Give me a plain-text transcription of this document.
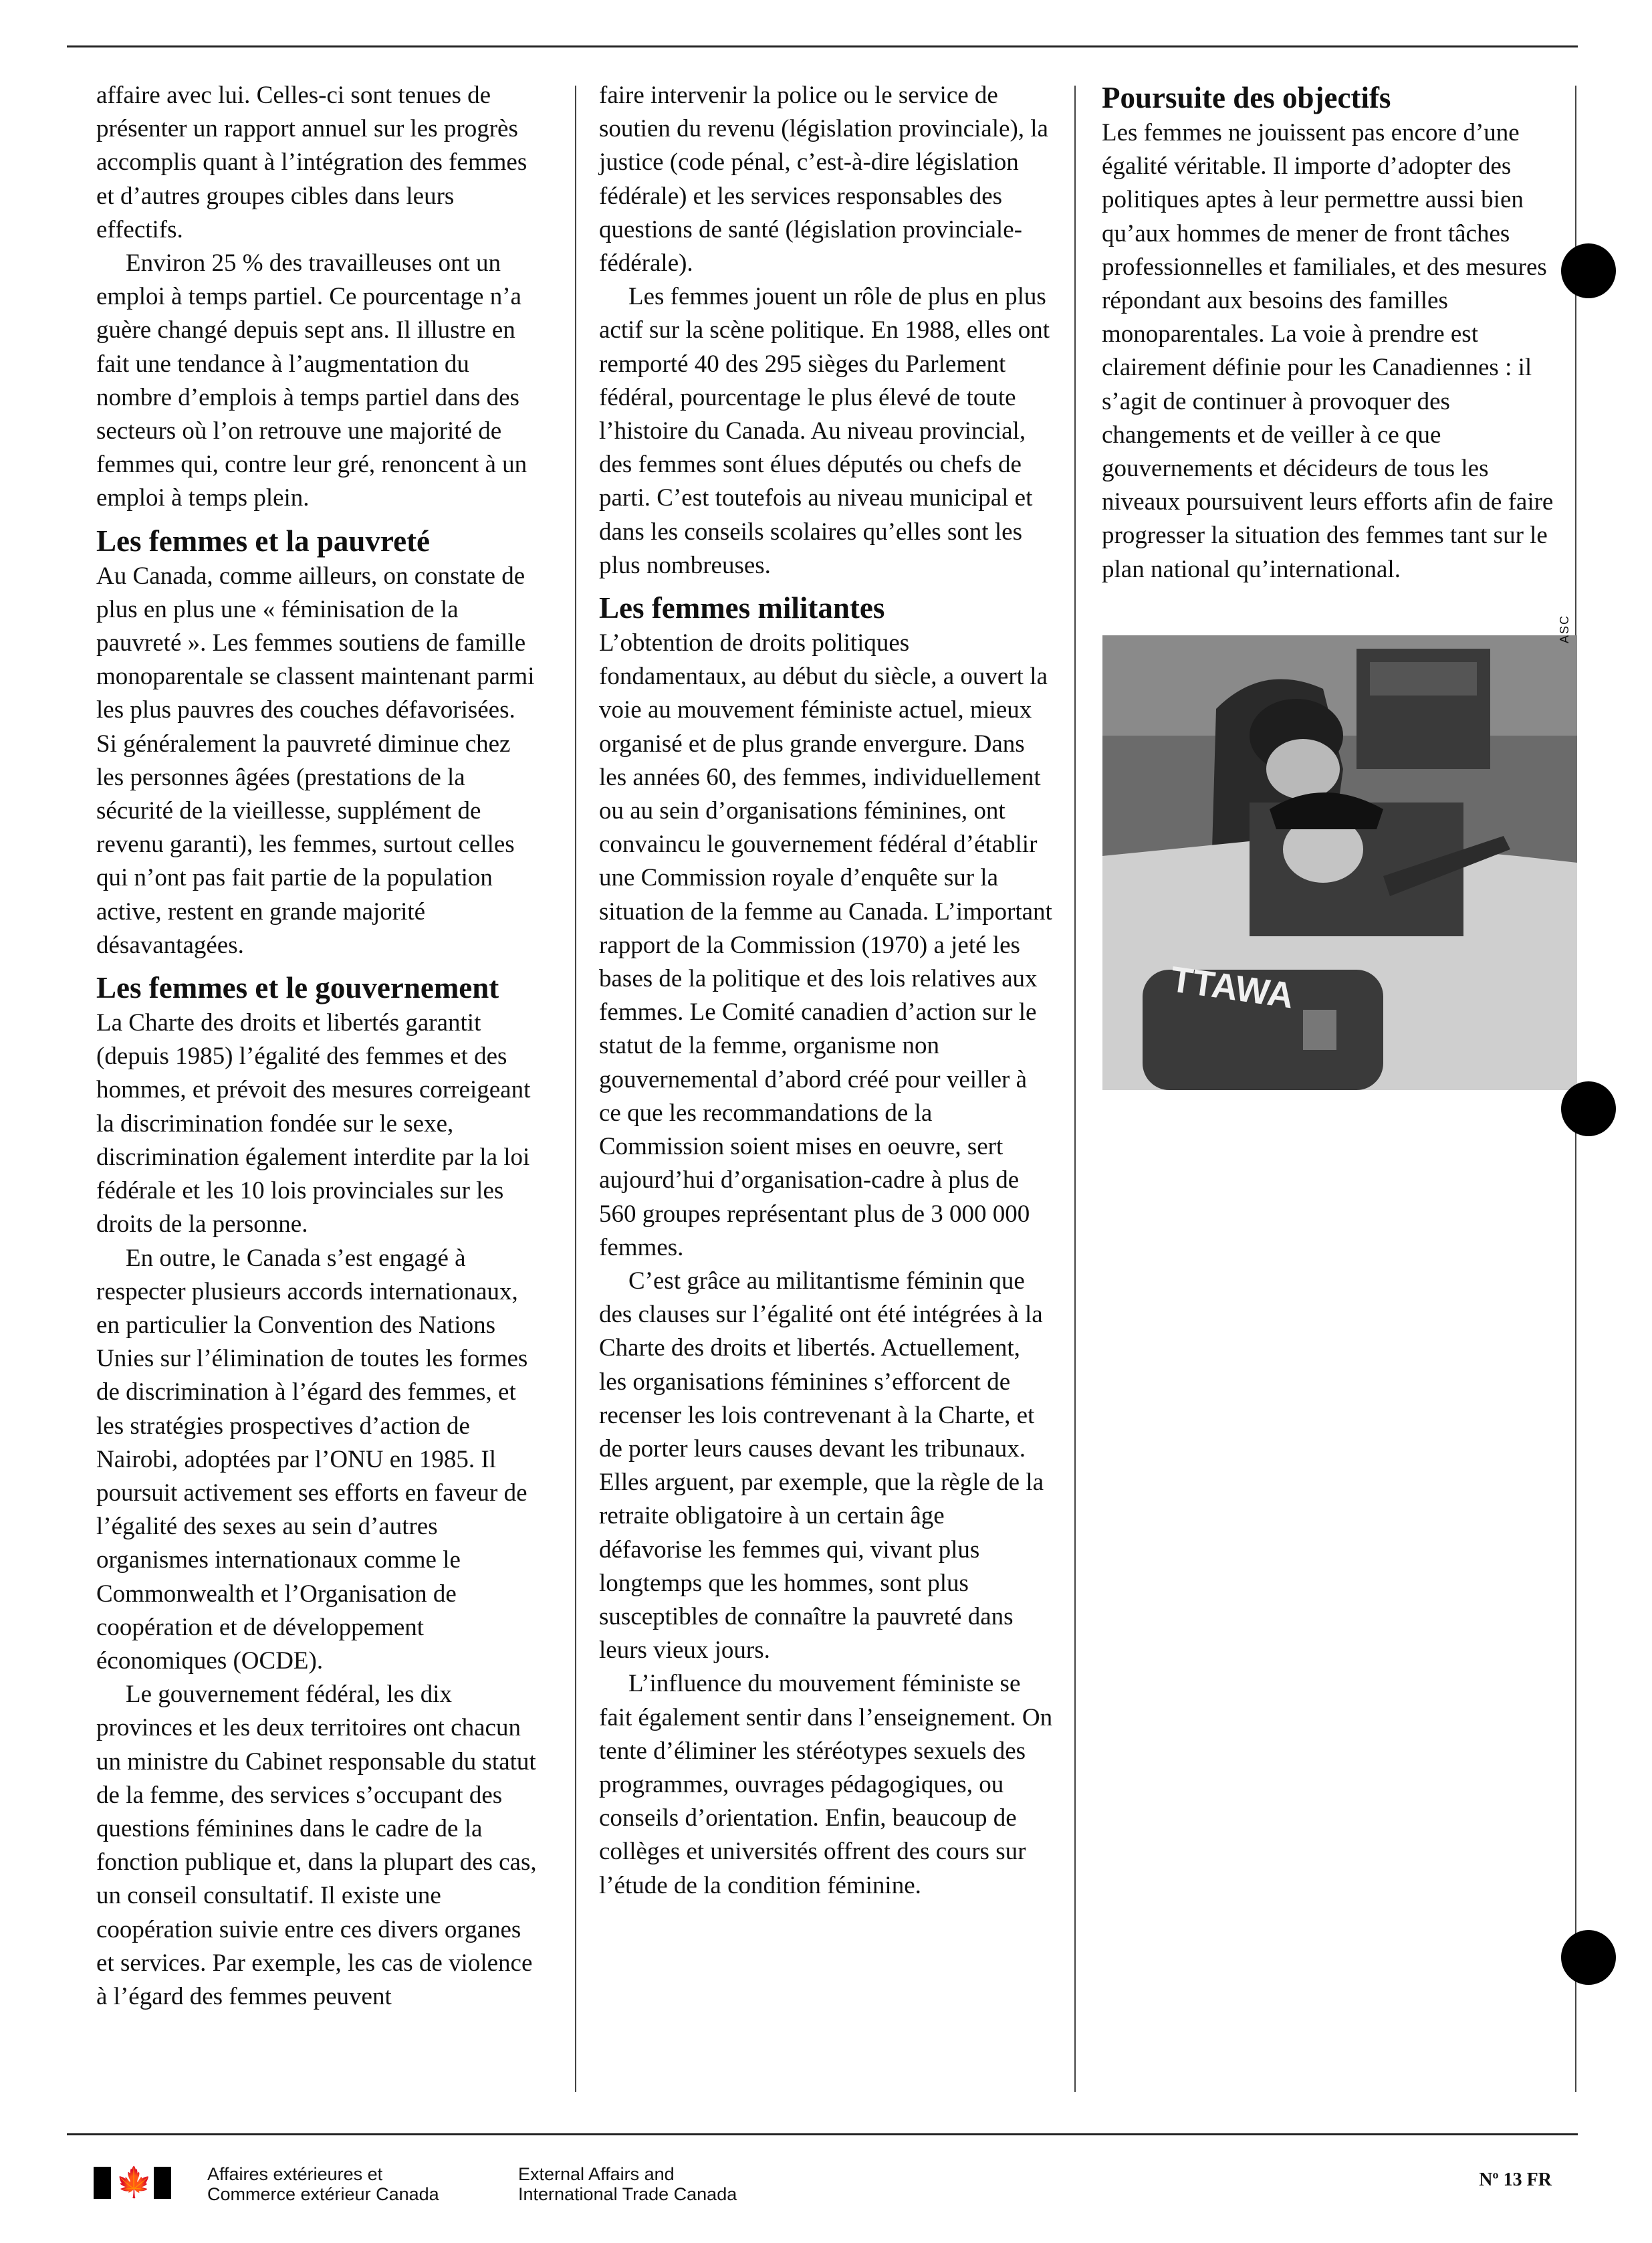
affaire avec lui. Celles-ci sont tenues de présenter un rapport annuel sur les progrès accomplis quant à l’intégration des femmes et d’autres groupes cibles dans leurs effectifs.

Environ 25 % des travailleuses ont un emploi à temps partiel. Ce pourcentage n’a guère changé depuis sept ans. Il illustre en fait une tendance à l’augmentation du nombre d’emplois à temps partiel dans des secteurs où l’on retrouve une majorité de femmes qui, contre leur gré, renoncent à un emploi à temps plein.

Les femmes et la pauvreté

Au Canada, comme ailleurs, on constate de plus en plus une « féminisation de la pauvreté ». Les femmes soutiens de famille monoparentale se classent maintenant parmi les plus pauvres des couches défavorisées. Si généralement la pauvreté diminue chez les personnes âgées (prestations de la sécurité de la vieillesse, supplément de revenu garanti), les femmes, surtout celles qui n’ont pas fait partie de la population active, restent en grande majorité désavantagées.

Les femmes et le gouvernement

La Charte des droits et libertés garantit (depuis 1985) l’égalité des femmes et des hommes, et prévoit des mesures correigeant la discrimination fondée sur le sexe, discrimination également interdite par la loi fédérale et les 10 lois provinciales sur les droits de la personne.

En outre, le Canada s’est engagé à respecter plusieurs accords internationaux, en particulier la Convention des Nations Unies sur l’élimination de toutes les formes de discrimination à l’égard des femmes, et les stratégies prospectives d’action de Nairobi, adoptées par l’ONU en 1985. Il poursuit activement ses efforts en faveur de l’égalité des sexes au sein d’autres organismes internationaux comme le Commonwealth et l’Organisation de coopération et de développement économiques (OCDE).

Le gouvernement fédéral, les dix provinces et les deux territoires ont chacun un ministre du Cabinet responsable du statut de la femme, des services s’occupant des questions féminines dans le cadre de la fonction publique et, dans la plupart des cas, un conseil consultatif. Il existe une coopération suivie entre ces divers organes et services. Par exemple, les cas de violence à l’égard des femmes peuvent

faire intervenir la police ou le service de soutien du revenu (législation provinciale), la justice (code pénal, c’est-à-dire législation fédérale) et les services responsables des questions de santé (législation provinciale-fédérale).

Les femmes jouent un rôle de plus en plus actif sur la scène politique. En 1988, elles ont remporté 40 des 295 sièges du Parlement fédéral, pourcentage le plus élevé de toute l’histoire du Canada. Au niveau provincial, des femmes sont élues députés ou chefs de parti. C’est toutefois au niveau municipal et dans les conseils scolaires qu’elles sont les plus nombreuses.

Les femmes militantes

L’obtention de droits politiques fondamentaux, au début du siècle, a ouvert la voie au mouvement féministe actuel, mieux organisé et de plus grande envergure. Dans les années 60, des femmes, individuellement ou au sein d’organisations féminines, ont convaincu le gouvernement fédéral d’établir une Commission royale d’enquête sur la situation de la femme au Canada. L’important rapport de la Commission (1970) a jeté les bases de la politique et des lois relatives aux femmes. Le Comité canadien d’action sur le statut de la femme, organisme non gouvernemental d’abord créé pour veiller à ce que les recommandations de la Commission soient mises en oeuvre, sert aujourd’hui d’organisation-cadre à plus de 560 groupes représentant plus de 3 000 000 femmes.

C’est grâce au militantisme féminin que des clauses sur l’égalité ont été intégrées à la Charte des droits et libertés. Actuellement, les organisations féminines s’efforcent de recenser les lois contrevenant à la Charte, et de porter leurs causes devant les tribunaux. Elles arguent, par exemple, que la règle de la retraite obligatoire à un certain âge défavorise les femmes qui, vivant plus longtemps que les hommes, sont plus susceptibles de connaître la pauvreté dans leurs vieux jours.

L’influence du mouvement féministe se fait également sentir dans l’enseignement. On tente d’éliminer les stéréotypes sexuels des programmes, ouvrages pédagogiques, ou conseils d’orientation. Enfin, beaucoup de collèges et universités offrent des cours sur l’étude de la condition féminine.

Poursuite des objectifs

Les femmes ne jouissent pas encore d’une égalité véritable. Il importe d’adopter des politiques aptes à leur permettre aussi bien qu’aux hommes de mener de front tâches professionnelles et familiales, et des mesures répondant aux besoins des familles monoparentales. La voie à prendre est clairement définie pour les Canadiennes : il s’agit de continuer à provoquer des changements et de veiller à ce que gouvernements et décideurs de tous les niveaux poursuivent leurs efforts afin de faire progresser la situation des femmes tant sur le plan national qu’international.

TTAWA
ASC
🍁	Affaires extérieures et
Commerce extérieur Canada
External Affairs and
International Trade Canada
Nº 13 FR
